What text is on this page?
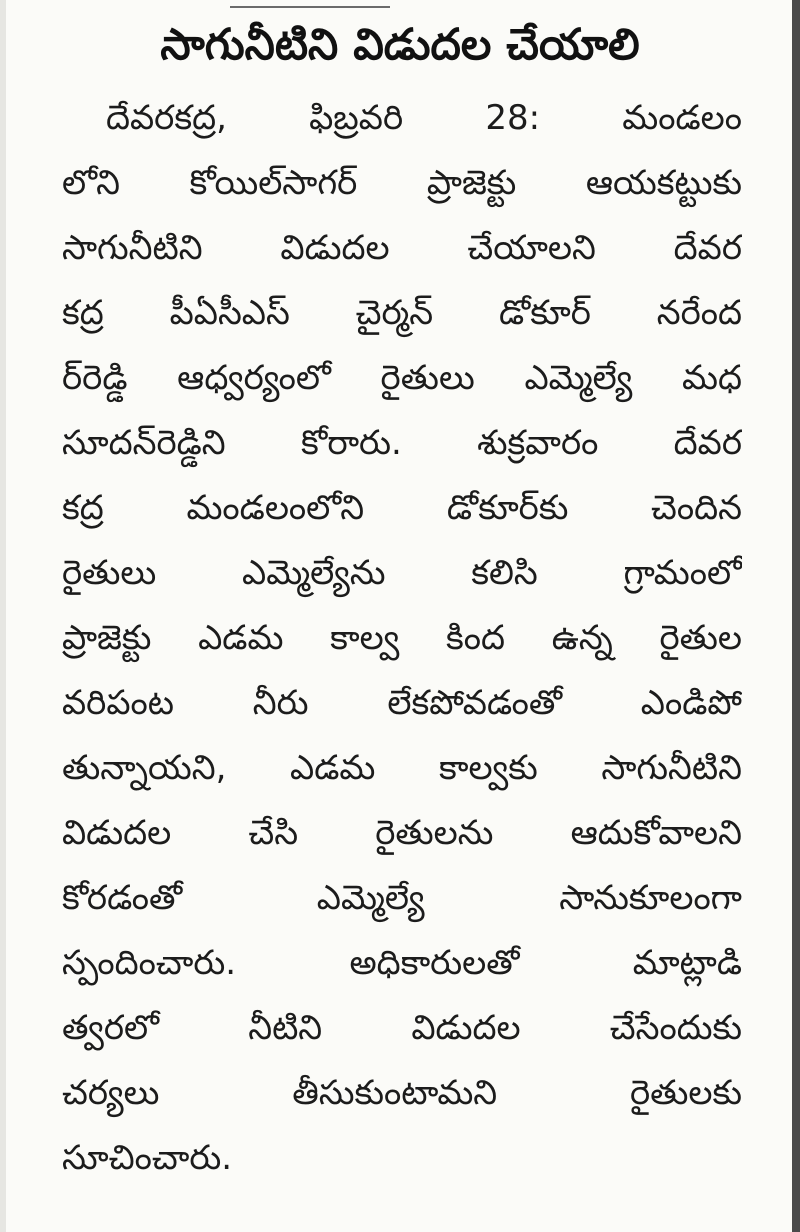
సాగునీటిని విడుదల చేయాలి
దేవరకద్ర, ఫిబ్రవరి 28: మండలం
లోని కోయిల్‌సాగర్ ప్రాజెక్టు ఆయకట్టుకు
సాగునీటిని విడుదల చేయాలని దేవర
కద్ర పీఏసీఎస్ చైర్మన్ డోకూర్ నరేంద
ర్‌రెడ్డి ఆధ్వర్యంలో రైతులు ఎమ్మెల్యే మధ
సూదన్‌రెడ్డిని కోరారు. శుక్రవారం దేవర
కద్ర మండలంలోని డోకూర్‌కు చెందిన
రైతులు ఎమ్మెల్యేను కలిసి గ్రామంలో
ప్రాజెక్టు ఎడమ కాల్వ కింద ఉన్న రైతుల
వరిపంట నీరు లేకపోవడంతో ఎండిపో
తున్నాయని, ఎడమ కాల్వకు సాగునీటిని
విడుదల చేసి రైతులను ఆదుకోవాలని
కోరడంతో ఎమ్మెల్యే సానుకూలంగా
స్పందించారు. అధికారులతో మాట్లాడి
త్వరలో నీటిని విడుదల చేసేందుకు
చర్యలు తీసుకుంటామని రైతులకు
సూచించారు.
